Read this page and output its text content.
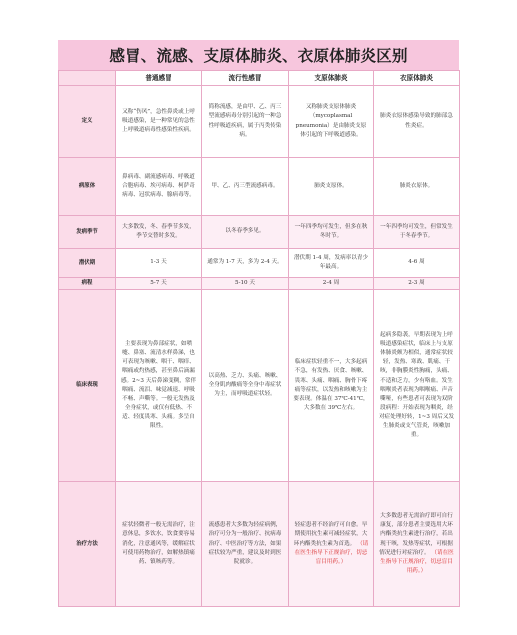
感冒、流感、支原体肺炎、衣原体肺炎区别
	普通感冒	流行性感冒	支原体肺炎	衣原体肺炎
定义	又称“伤风”，急性鼻炎或上呼吸道感染，是一种常见的急性上呼吸道病毒性感染性疾病。	简称流感，是由甲、乙、丙三型流感病毒分别引起的一种急性呼吸道疾病，属于丙类传染病。	又称肺炎支原体肺炎（mycoplasmal pneumonia）是由肺炎支原体引起的下呼吸道感染。	肺炎衣原体感染导致的肺部急性炎症。
病原体	鼻病毒、副流感病毒、呼吸道合胞病毒、埃可病毒、柯萨奇病毒、冠状病毒、腺病毒等。	甲、乙、丙三型流感病毒。	肺炎支原体。	肺炎衣原体。
发病季节	大多散发，冬、春季节多发，季节交替时多发。	以冬春季多见。	一年四季均可发生，但多在秋冬时节。	一年四季均可发生，但常发生于冬春季节。
潜伏期	1-3 天	通常为 1-7 天，多为 2-4 天。	潜伏期 1-4 周，发病率以青少年最高。	4-6 周
病程	5-7 天	5-10 天	2-4 周	2-3 周
临床表现	主要表现为鼻部症状，如喷嚏、鼻塞、流清水样鼻涕，也可表现为咳嗽、咽干、咽痒、咽痛或灼热感，甚至鼻后滴漏感。2~3 天后鼻涕变稠，常伴咽痛、流泪、味觉减退、呼吸不畅、声嘶等。一般无发热及全身症状，或仅有低热、不适、轻度畏寒、头痛。多呈自限性。	以高热、乏力、头痛、咳嗽、全身肌肉酸痛等全身中毒症状为主，而呼吸道症状轻。	临床症状轻重不一，大多起病不急，有发热、厌食、咳嗽、畏寒、头痛、咽痛、胸骨下疼痛等症状，以发热和咳嗽为主要表现。体温在 37℃-41℃，大多数在 39℃左右。	起病多隐袭，早期表现为上呼吸道感染症状，临床上与支原体肺炎颇为相似，通常症状较轻，发热、寒战、肌痛、干咳，非胸膜炎性胸痛，头痛、不适和乏力，少有咯血。发生咽喉炎者表现为咽喉痛、声音嘶哑，有些患者可表现为双阶段病程：开始表现为咽炎，经对症处理好转，1~3 周后又发生肺炎或支气管炎，咳嗽加重。
治疗方法	症状轻微者一般无需治疗，注意休息，多饮水，饮食要容易消化，注意通风等，缓解症状可使用药物治疗，如解热镇痛药、镇咳药等。	流感患者大多数为轻症病例，治疗可分为一般治疗、抗病毒治疗、中医治疗等方法，如果症状较为严重，建议及时到医院就诊。	轻症患者不经治疗可自愈。早期使用抗生素可减轻症状，大环内酯类抗生素为首选。 （请在医生指导下正规治疗，切忌盲目用药。）	大多数患者无需治疗即可自行康复，部分患者主要选用大环内酯类抗生素进行治疗，若出现干咳，发热等症状，可根据情况进行对症治疗。 （请在医生指导下正规治疗，切忌盲目用药。）
